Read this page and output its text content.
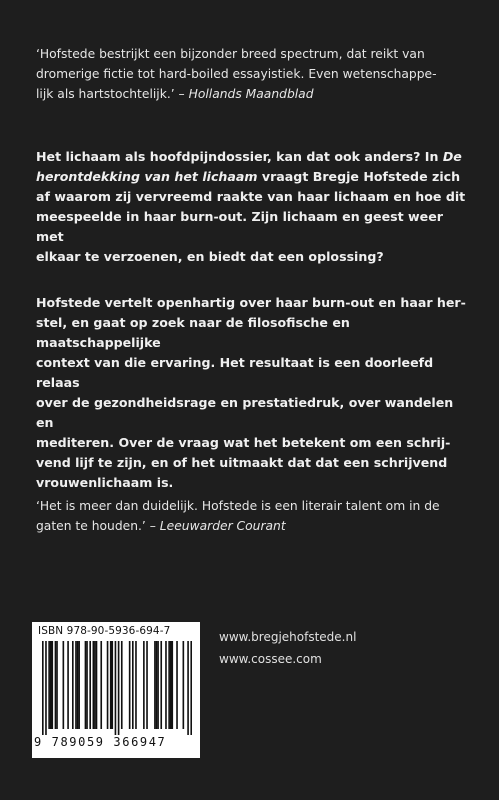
‘Hofstede bestrijkt een bijzonder breed spectrum, dat reikt van
dromerige fictie tot hard-boiled essayistiek. Even wetenschappe-
lijk als hartstochtelijk.’ – Hollands Maandblad
Het lichaam als hoofdpijndossier, kan dat ook anders? In De
herontdekking van het lichaam vraagt Bregje Hofstede zich
af waarom zij vervreemd raakte van haar lichaam en hoe dit
meespeelde in haar burn-out. Zijn lichaam en geest weer met
elkaar te verzoenen, en biedt dat een oplossing?
Hofstede vertelt openhartig over haar burn-out en haar her-
stel, en gaat op zoek naar de filosofische en maatschappelijke
context van die ervaring. Het resultaat is een doorleefd relaas
over de gezondheidsrage en prestatiedruk, over wandelen en
mediteren. Over de vraag wat het betekent om een schrij-
vend lijf te zijn, en of het uitmaakt dat dat een schrijvend
vrouwenlichaam is.
‘Het is meer dan duidelijk. Hofstede is een literair talent om in de
gaten te houden.’ – Leeuwarder Courant
ISBN 978-90-5936-694-7
9 789059 366947
www.bregjehofstede.nl
www.cossee.com
